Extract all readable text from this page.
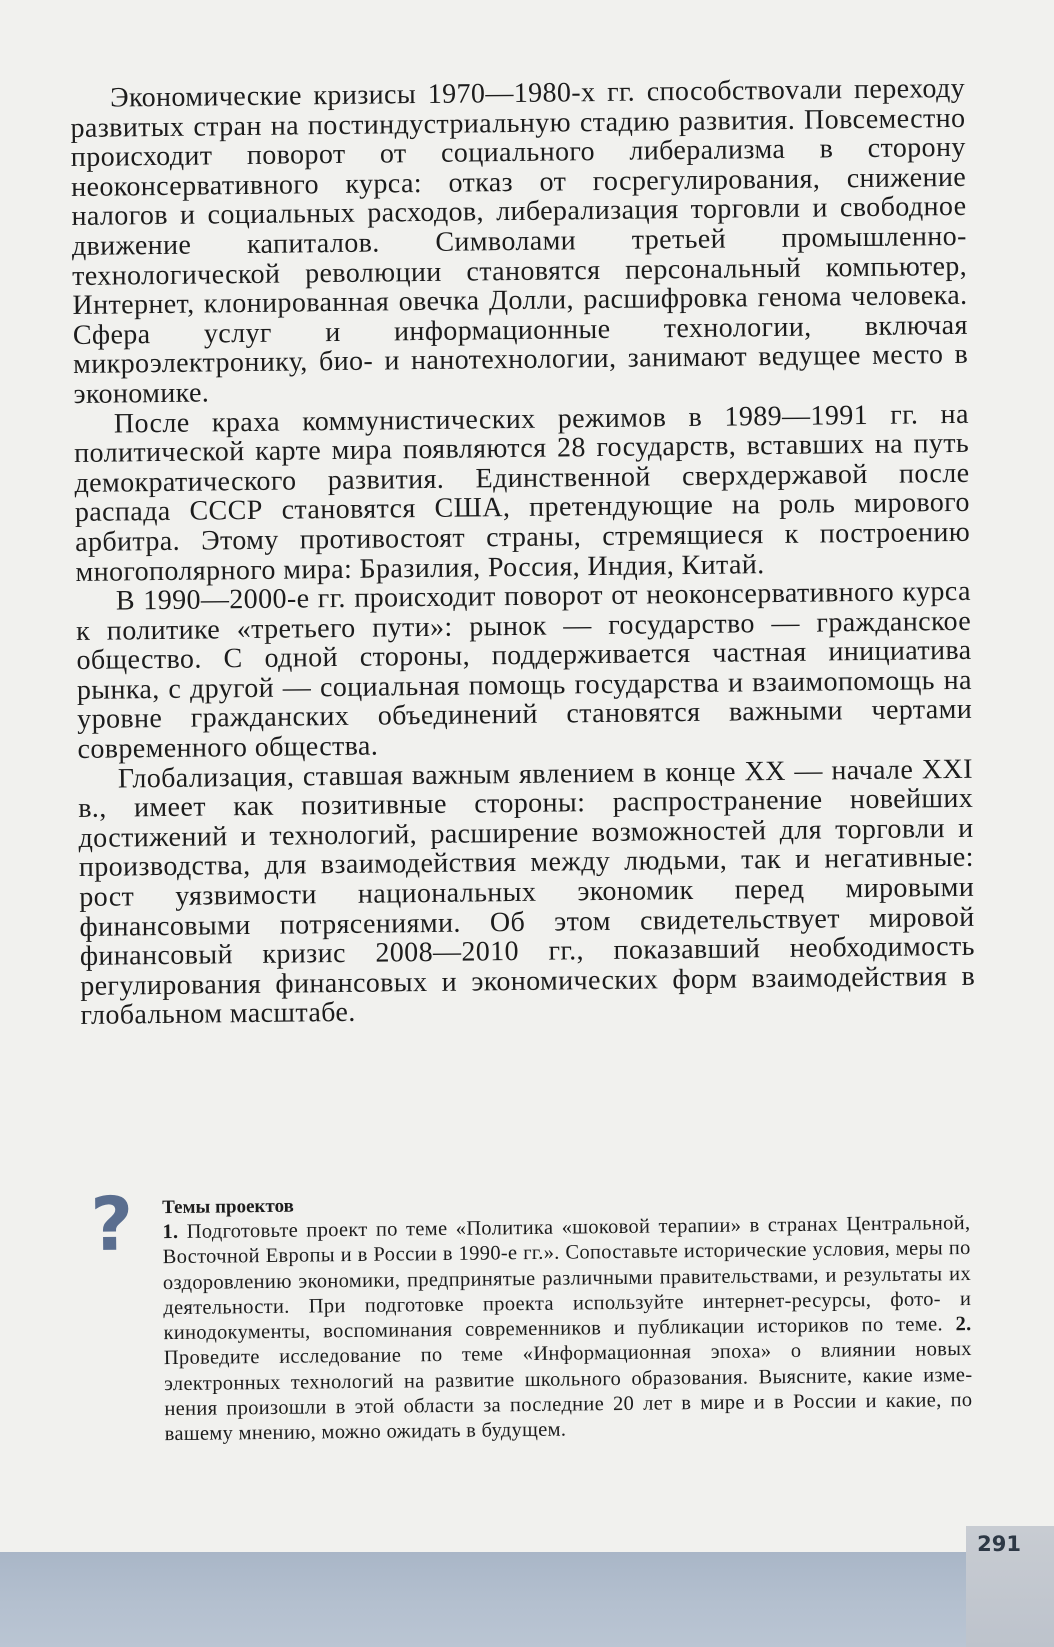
Экономические кризисы 1970—1980-х гг. способствоvали переходу развитых стран на постиндустриальную стадию развития. Повсеместно происходит поворот от социального либерализма в сторону неоконсервативного курса: отказ от госрегулирования, снижение налогов и социальных расходов, либерализация торговли и свободное движение капиталов. Символами третьей промышленно-технологической революции становятся персональный компьютер, Интернет, клонированная овечка Долли, расшифровка генома человека. Сфера услуг и информационные технологии, включая микроэлектронику, био- и нанотехнологии, занимают ведущее место в экономике.

После краха коммунистических режимов в 1989—1991 гг. на политической карте мира появляются 28 государств, вставших на путь демократического развития. Единственной сверхдержавой после распада СССР становятся США, претендующие на роль мирового арбитра. Этому противостоят страны, стремящиеся к построению многополярного мира: Бразилия, Россия, Индия, Китай.

В 1990—2000-е гг. происходит поворот от неоконсервативного курса к политике «третьего пути»: рынок — государство — гражданское общество. С одной стороны, поддерживается частная инициатива рынка, с другой — социальная помощь государства и взаимопомощь на уровне гражданских объединений становятся важными чертами современного общества.

Глобализация, ставшая важным явлением в конце XX — начале XXI в., имеет как позитивные стороны: распространение новейших достижений и технологий, расширение возможностей для торговли и производства, для взаимодействия между людьми, так и негативные: рост уязвимости национальных экономик перед мировыми финансовыми потрясениями. Об этом свидетельствует мировой финансовый кризис 2008—2010 гг., показавший необходимость регулирования финансовых и экономических форм взаимодействия в глобальном масштабе.

? Темы проектов

1. Подготовьте проект по теме «Политика «шоковой терапии» в странах Центральной, Восточной Европы и в России в 1990-е гг.». Сопоставьте исторические условия, меры по оздоровлению экономики, предпринятые различными правительствами, и результаты их деятельности. При подготовке проекта используйте интернет-ресурсы, фото- и кинодокументы, воспоминания современников и публикации историков по теме. 2. Проведите исследование по теме «Информационная эпоха» о влиянии новых электронных технологий на развитие школьного образования. Выясните, какие изменения произошли в этой области за последние 20 лет в мире и в России и какие, по вашему мнению, можно ожидать в будущем.

291
